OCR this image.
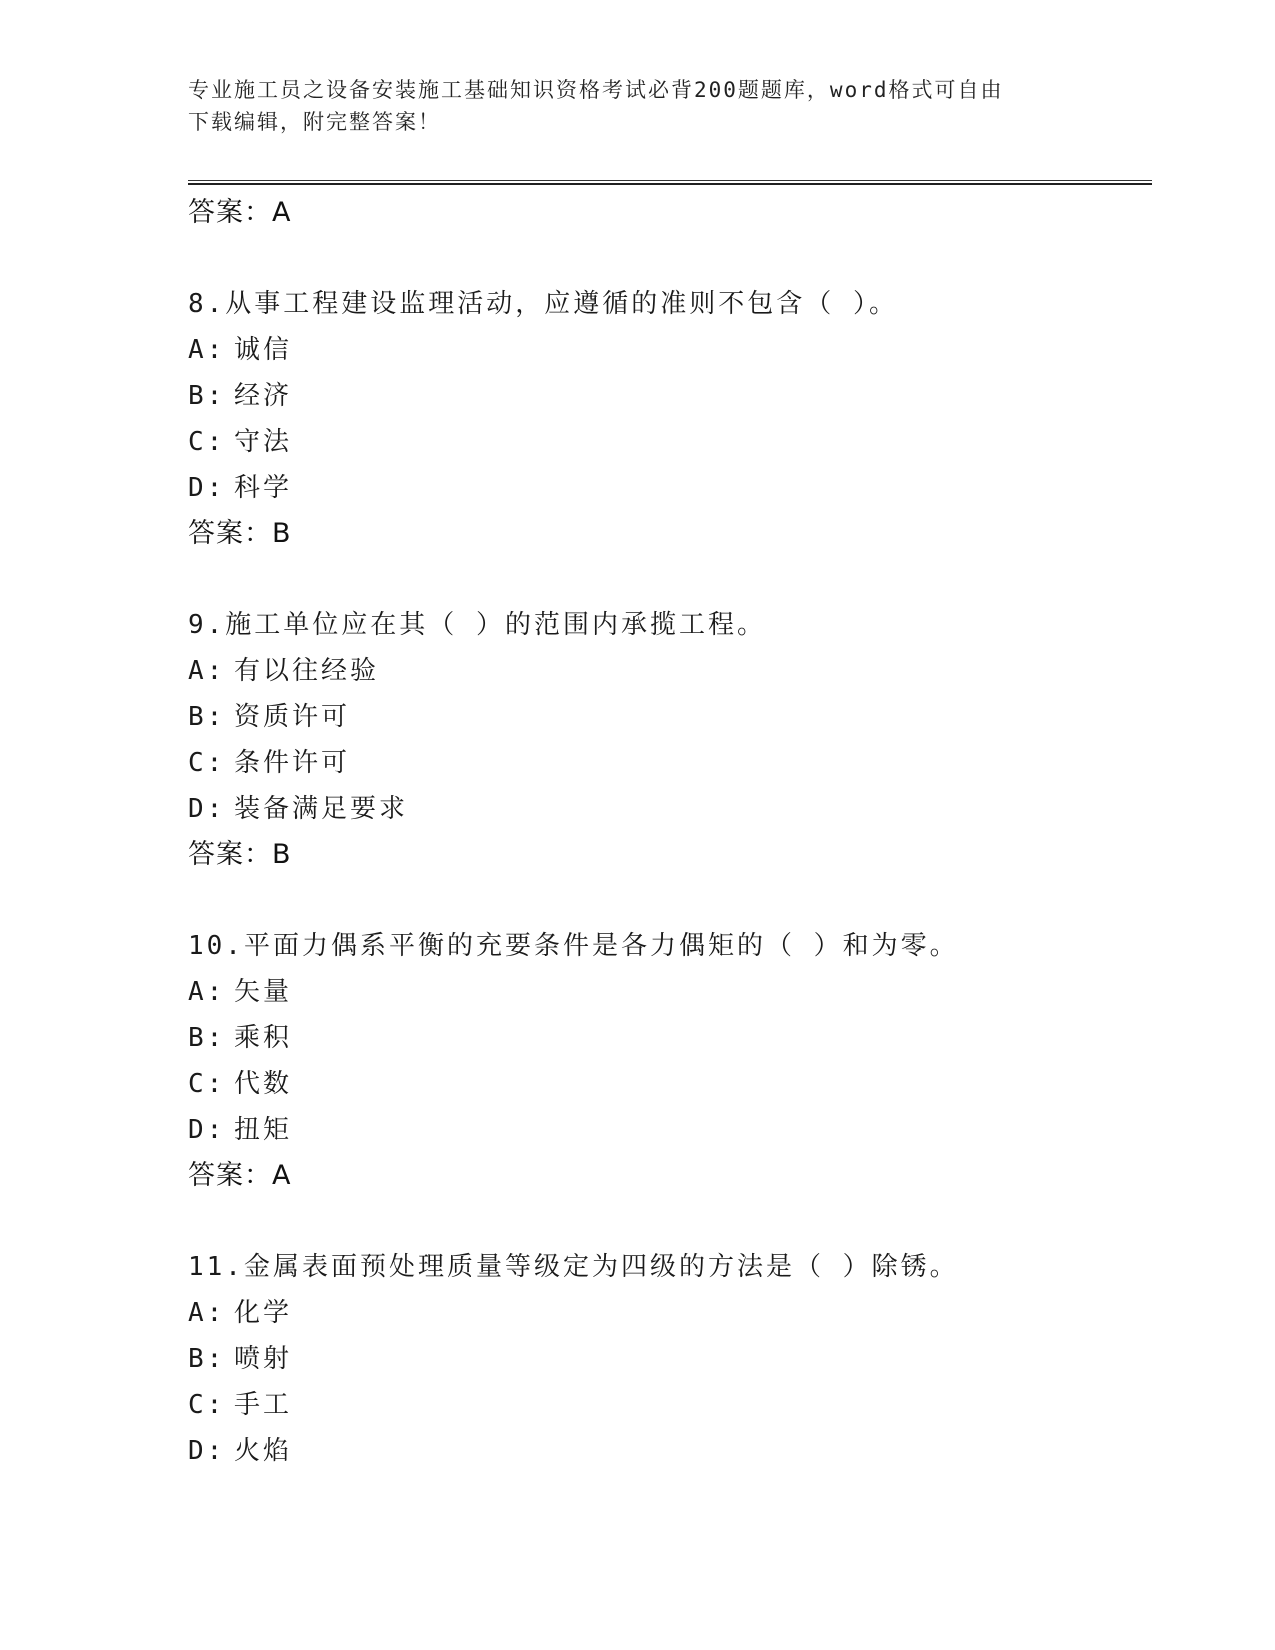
专业施工员之设备安装施工基础知识资格考试必背200题题库，word格式可自由
下载编辑，附完整答案！
答案：A
8.从事工程建设监理活动，应遵循的准则不包含（ ）。
A: 诚信
B: 经济
C: 守法
D: 科学
答案：B
9.施工单位应在其（ ）的范围内承揽工程。
A: 有以往经验
B: 资质许可
C: 条件许可
D: 装备满足要求
答案：B
10.平面力偶系平衡的充要条件是各力偶矩的（ ）和为零。
A: 矢量
B: 乘积
C: 代数
D: 扭矩
答案：A
11.金属表面预处理质量等级定为四级的方法是（ ）除锈。
A: 化学
B: 喷射
C: 手工
D: 火焰
